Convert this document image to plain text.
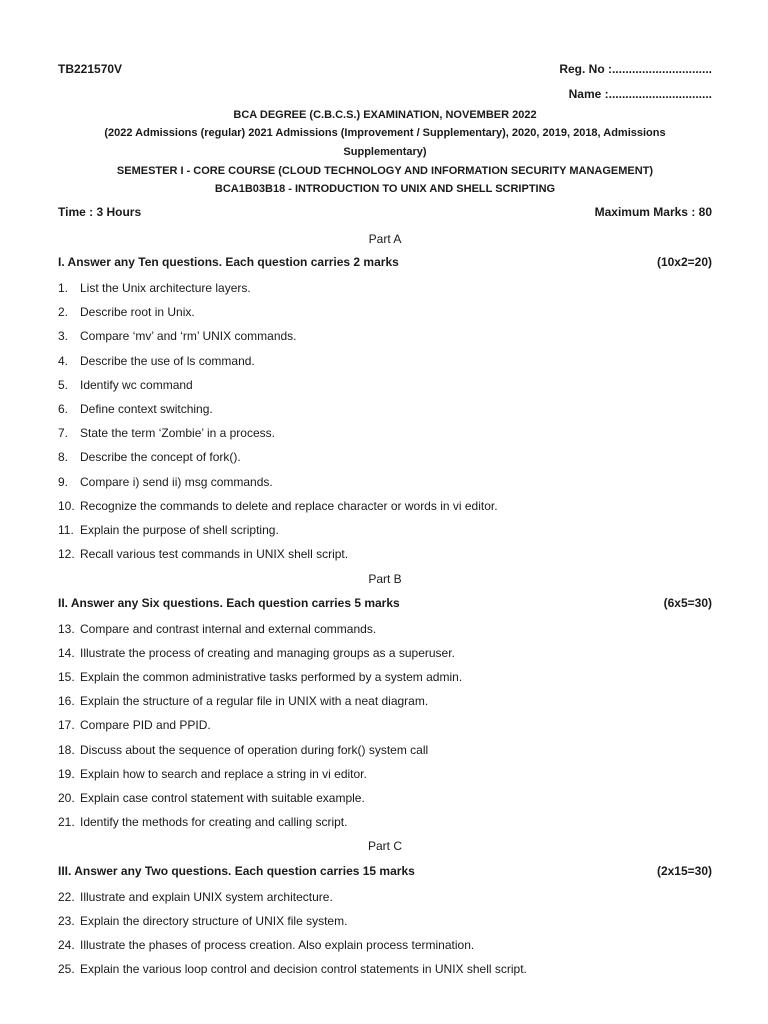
TB221570V	Reg. No :..............................
Name :...............................
BCA DEGREE (C.B.C.S.) EXAMINATION, NOVEMBER 2022
(2022 Admissions (regular) 2021 Admissions (Improvement / Supplementary), 2020, 2019, 2018, Admissions
Supplementary)
SEMESTER I - CORE COURSE (CLOUD TECHNOLOGY AND INFORMATION SECURITY MANAGEMENT)
BCA1B03B18 - INTRODUCTION TO UNIX AND SHELL SCRIPTING
Time : 3 Hours	Maximum Marks : 80
Part A
I. Answer any Ten questions. Each question carries 2 marks	(10x2=20)
1. List the Unix architecture layers.
2. Describe root in Unix.
3. Compare ‘mv’ and ‘rm’ UNIX commands.
4. Describe the use of ls command.
5. Identify wc command
6. Define context switching.
7. State the term ‘Zombie’ in a process.
8. Describe the concept of fork().
9. Compare i) send ii) msg commands.
10. Recognize the commands to delete and replace character or words in vi editor.
11. Explain the purpose of shell scripting.
12. Recall various test commands in UNIX shell script.
Part B
II. Answer any Six questions. Each question carries 5 marks	(6x5=30)
13. Compare and contrast internal and external commands.
14. Illustrate the process of creating and managing groups as a superuser.
15. Explain the common administrative tasks performed by a system admin.
16. Explain the structure of a regular file in UNIX with a neat diagram.
17. Compare PID and PPID.
18. Discuss about the sequence of operation during fork() system call
19. Explain how to search and replace a string in vi editor.
20. Explain case control statement with suitable example.
21. Identify the methods for creating and calling script.
Part C
III. Answer any Two questions. Each question carries 15 marks	(2x15=30)
22. Illustrate and explain UNIX system architecture.
23. Explain the directory structure of UNIX file system.
24. Illustrate the phases of process creation. Also explain process termination.
25. Explain the various loop control and decision control statements in UNIX shell script.
